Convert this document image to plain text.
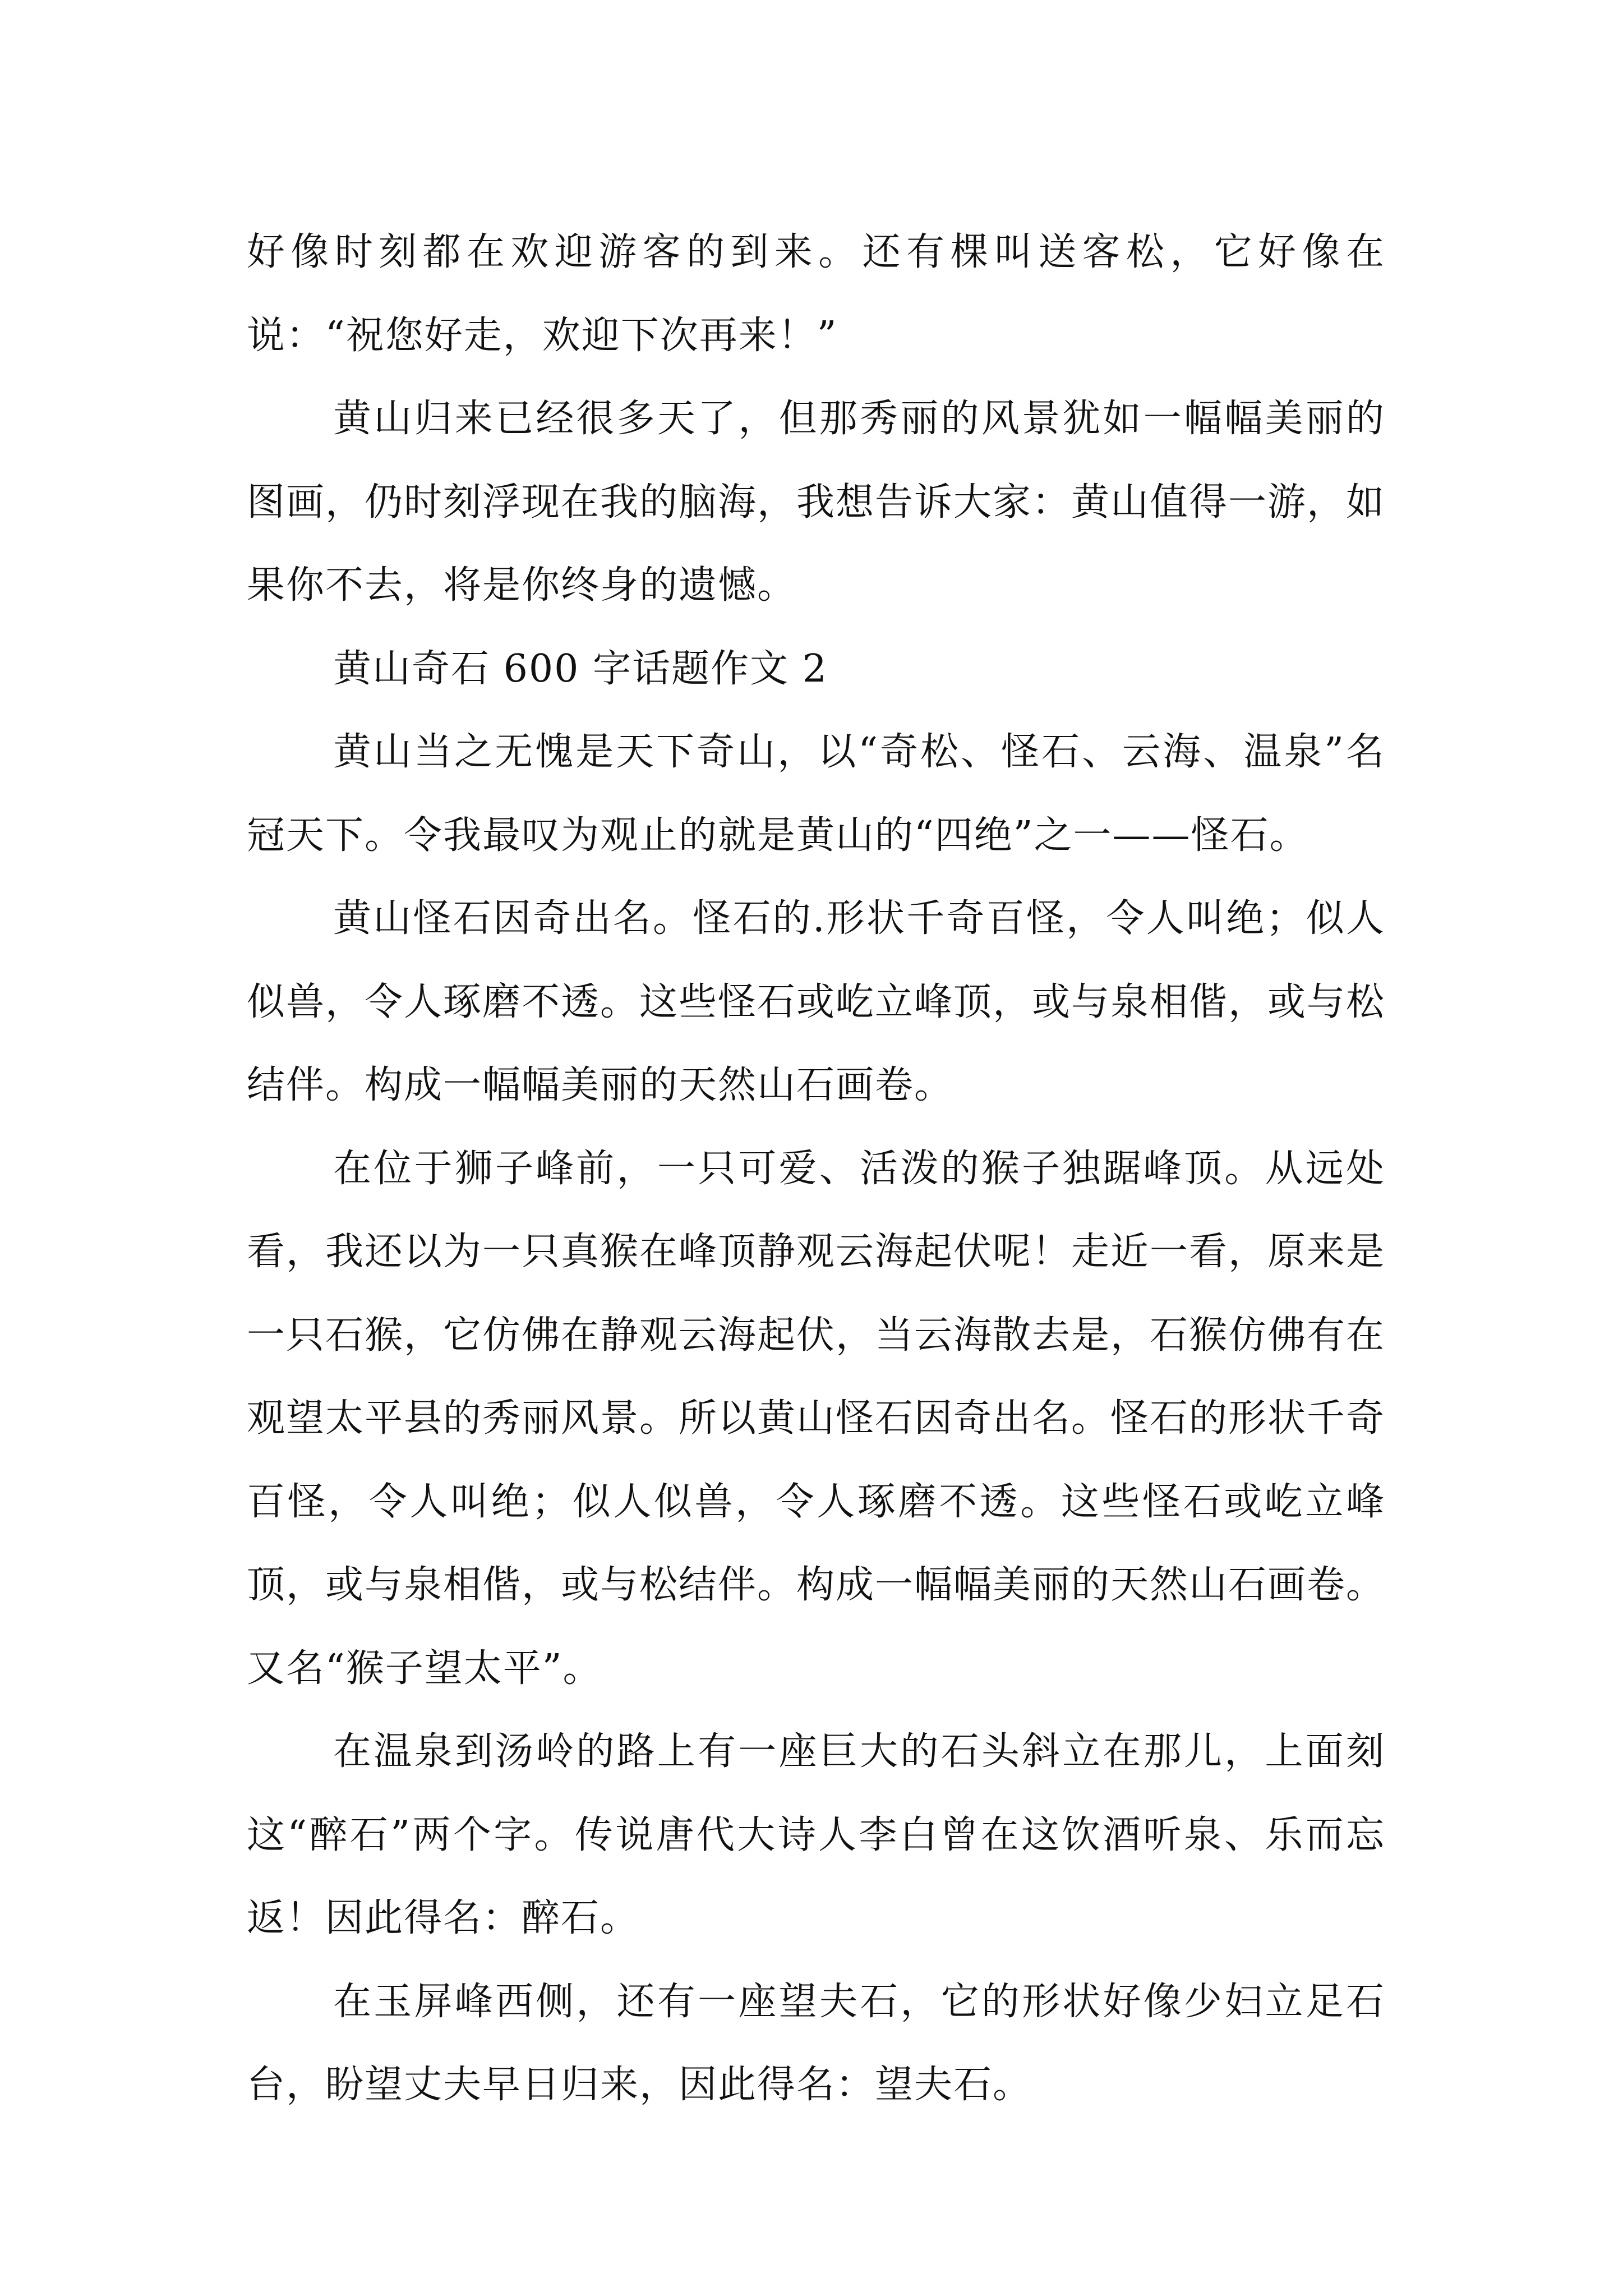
好像时刻都在欢迎游客的到来。还有棵叫送客松，它好像在说：“祝您好走，欢迎下次再来！”

黄山归来已经很多天了，但那秀丽的风景犹如一幅幅美丽的图画，仍时刻浮现在我的脑海，我想告诉大家：黄山值得一游，如果你不去，将是你终身的遗憾。

黄山奇石 600 字话题作文 2

黄山当之无愧是天下奇山，以“奇松、怪石、云海、温泉”名冠天下。令我最叹为观止的就是黄山的“四绝”之一——怪石。

黄山怪石因奇出名。怪石的.形状千奇百怪，令人叫绝；似人似兽，令人琢磨不透。这些怪石或屹立峰顶，或与泉相偕，或与松结伴。构成一幅幅美丽的天然山石画卷。

在位于狮子峰前，一只可爱、活泼的猴子独踞峰顶。从远处看，我还以为一只真猴在峰顶静观云海起伏呢！走近一看，原来是一只石猴，它仿佛在静观云海起伏，当云海散去是，石猴仿佛有在观望太平县的秀丽风景。所以黄山怪石因奇出名。怪石的形状千奇百怪，令人叫绝；似人似兽，令人琢磨不透。这些怪石或屹立峰顶，或与泉相偕，或与松结伴。构成一幅幅美丽的天然山石画卷。又名“猴子望太平”。

在温泉到汤岭的路上有一座巨大的石头斜立在那儿，上面刻这“醉石”两个字。传说唐代大诗人李白曾在这饮酒听泉、乐而忘返！因此得名：醉石。

在玉屏峰西侧，还有一座望夫石，它的形状好像少妇立足石台，盼望丈夫早日归来，因此得名：望夫石。
